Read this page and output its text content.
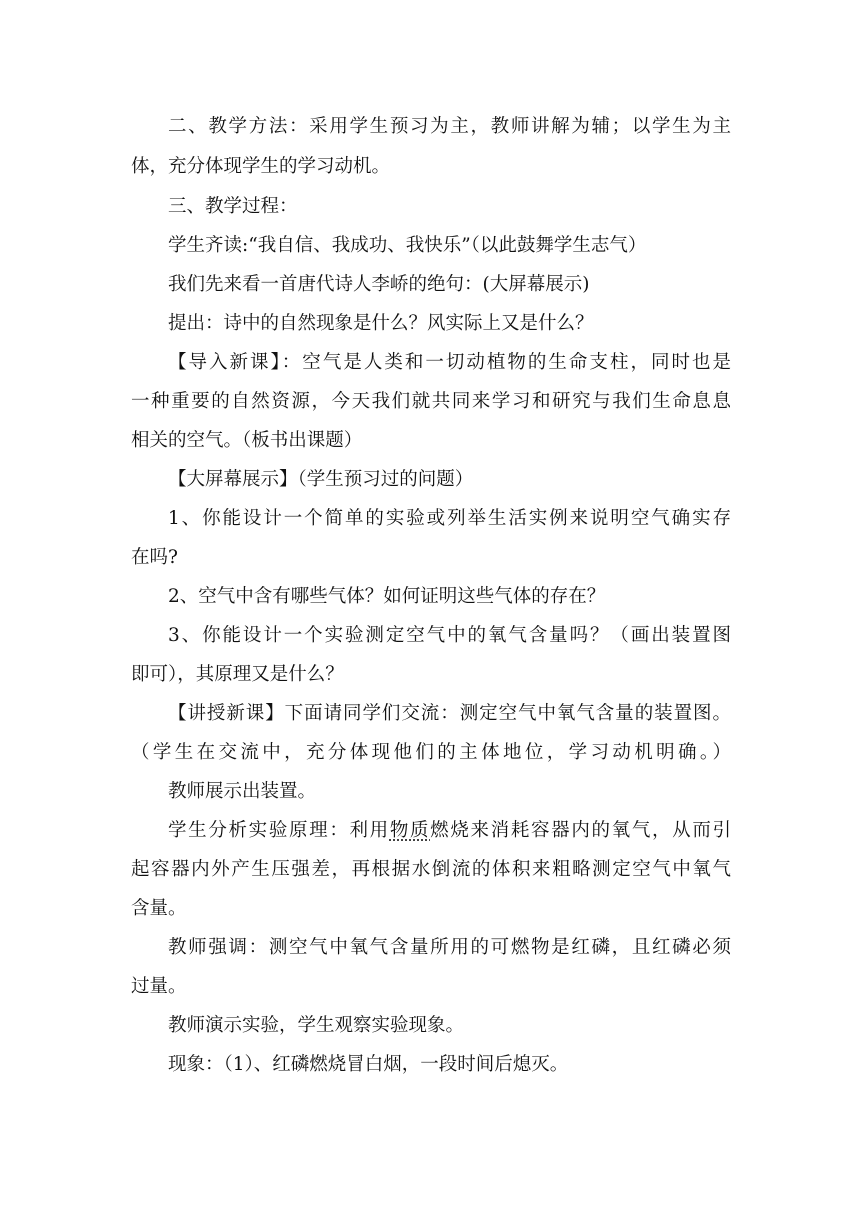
二、教学方法：采用学生预习为主，教师讲解为辅；以学生为主
体，充分体现学生的学习动机。
三、教学过程：
学生齐读:“我自信、我成功、我快乐”（以此鼓舞学生志气）
我们先来看一首唐代诗人李峤的绝句：(大屏幕展示)
提出：诗中的自然现象是什么？风实际上又是什么？
【导入新课】：空气是人类和一切动植物的生命支柱，同时也是
一种重要的自然资源，今天我们就共同来学习和研究与我们生命息息
相关的空气。（板书出课题）
【大屏幕展示】（学生预习过的问题）
1、你能设计一个简单的实验或列举生活实例来说明空气确实存
在吗?
2、空气中含有哪些气体？如何证明这些气体的存在？
3、你能设计一个实验测定空气中的氧气含量吗？（画出装置图
即可），其原理又是什么？
【讲授新课】下面请同学们交流：测定空气中氧气含量的装置图。
（学生在交流中，充分体现他们的主体地位，学习动机明确。）
教师展示出装置。
学生分析实验原理：利用物质燃烧来消耗容器内的氧气，从而引
起容器内外产生压强差，再根据水倒流的体积来粗略测定空气中氧气
含量。
教师强调：测空气中氧气含量所用的可燃物是红磷，且红磷必须
过量。
教师演示实验，学生观察实验现象。
现象：（1）、红磷燃烧冒白烟，一段时间后熄灭。
